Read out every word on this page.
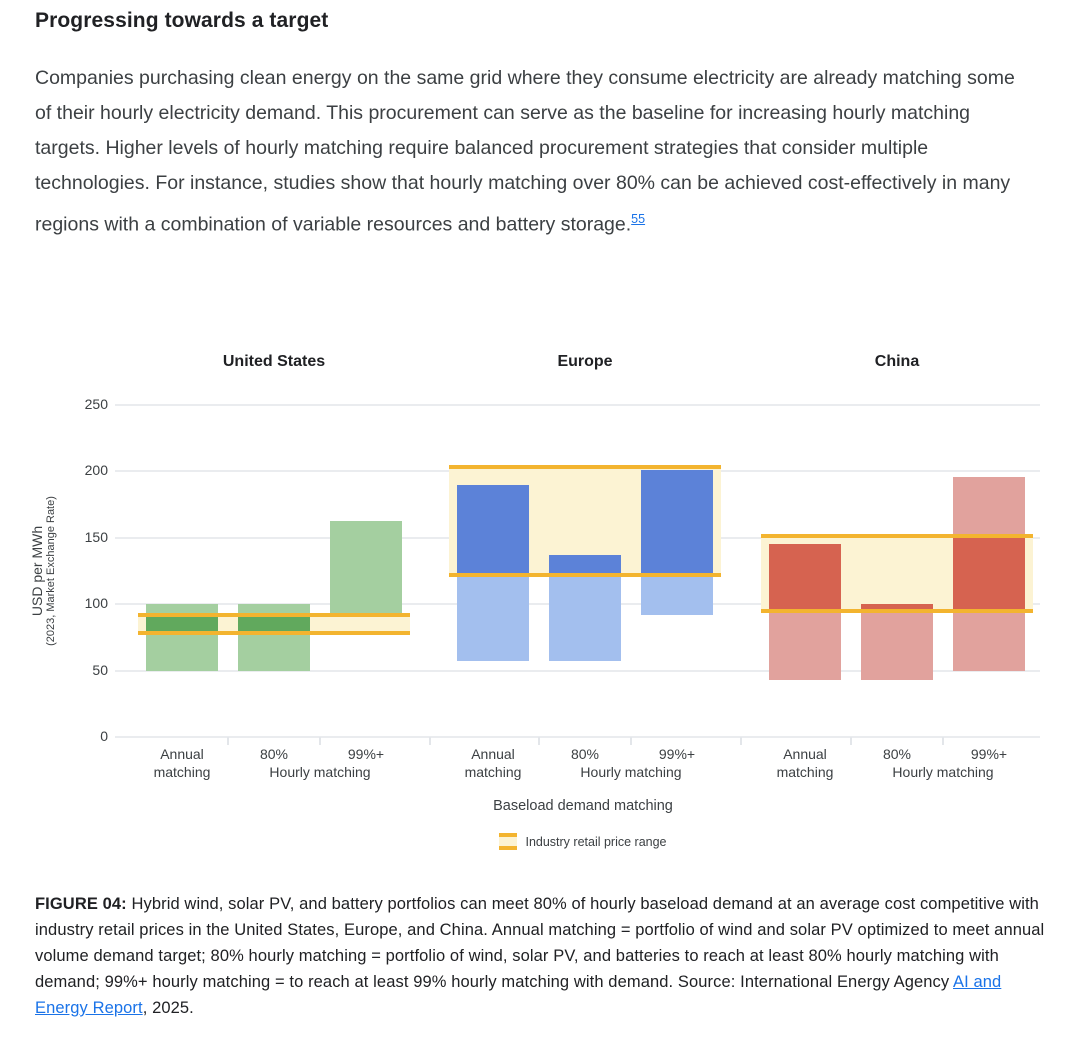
Progressing towards a target

Companies purchasing clean energy on the same grid where they consume electricity are already matching some of their hourly electricity demand. This procurement can serve as the baseline for increasing hourly matching targets. Higher levels of hourly matching require balanced procurement strategies that consider multiple technologies. For instance, studies show that hourly matching over 80% can be achieved cost-effectively in many regions with a combination of variable resources and battery storage.$^{55}$

USD per MWh (2023, Market Exchange Rate)
Baseload demand matching
Industry retail price range
0
50
100
150
200
250
United States
Annual	80%	99%+
matching	Hourly matching
Europe
Annual	80%	99%+
matching	Hourly matching
China
Annual	80%	99%+
matching	Hourly matching

FIGURE 04: Hybrid wind, solar PV, and battery portfolios can meet 80% of hourly baseload demand at an average cost competitive with industry retail prices in the United States, Europe, and China. Annual matching = portfolio of wind and solar PV optimized to meet annual volume demand target; 80% hourly matching = portfolio of wind, solar PV, and batteries to reach at least 80% hourly matching with demand; 99%+ hourly matching = to reach at least 99% hourly matching with demand. Source: International Energy Agency AI and Energy Report, 2025.
